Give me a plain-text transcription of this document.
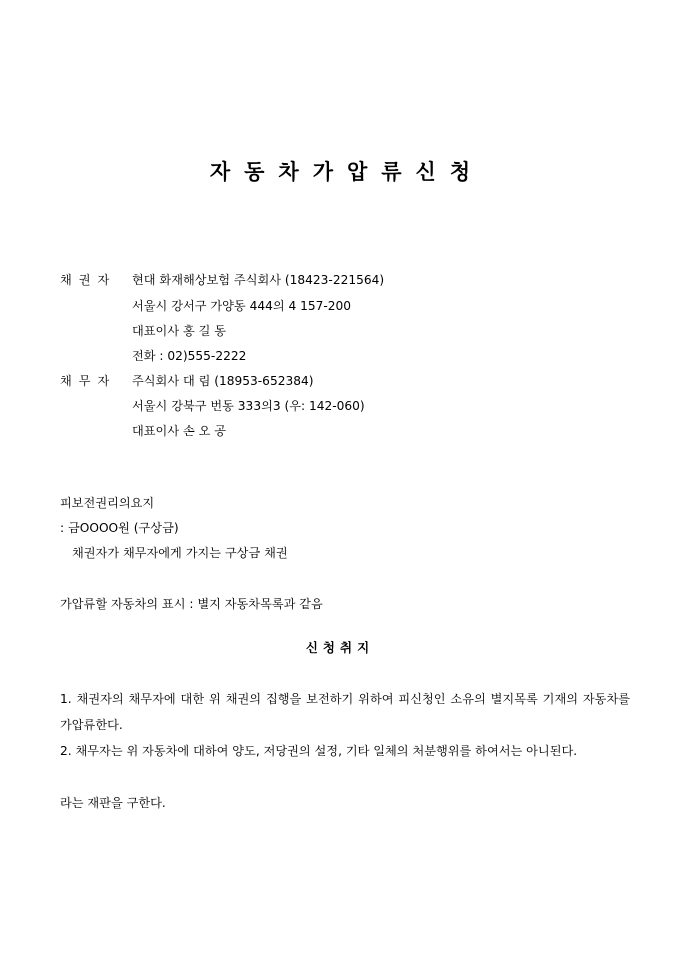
자동차가압류신청
채권자 현대 화재해상보험 주식회사 (18423-221564)
서울시 강서구 가양동 444의 4 157-200
대표이사 홍 길 동
전화 : 02)555-2222
채무자 주식회사 대 림 (18953-652384)
서울시 강북구 번동 333의3 (우: 142-060)
대표이사 손 오 공
피보전권리의요지
: 금OOOO원 (구상금)
채권자가 채무자에게 가지는 구상금 채권
가압류할 자동차의 표시 : 별지 자동차목록과 같음
신청취지
1. 채권자의 채무자에 대한 위 채권의 집행을 보전하기 위하여 피신청인 소유의 별지목록 기재의 자동차를 가압류한다.
2. 채무자는 위 자동차에 대하여 양도, 저당권의 설정, 기타 일체의 처분행위를 하여서는 아니된다.
라는 재판을 구한다.
